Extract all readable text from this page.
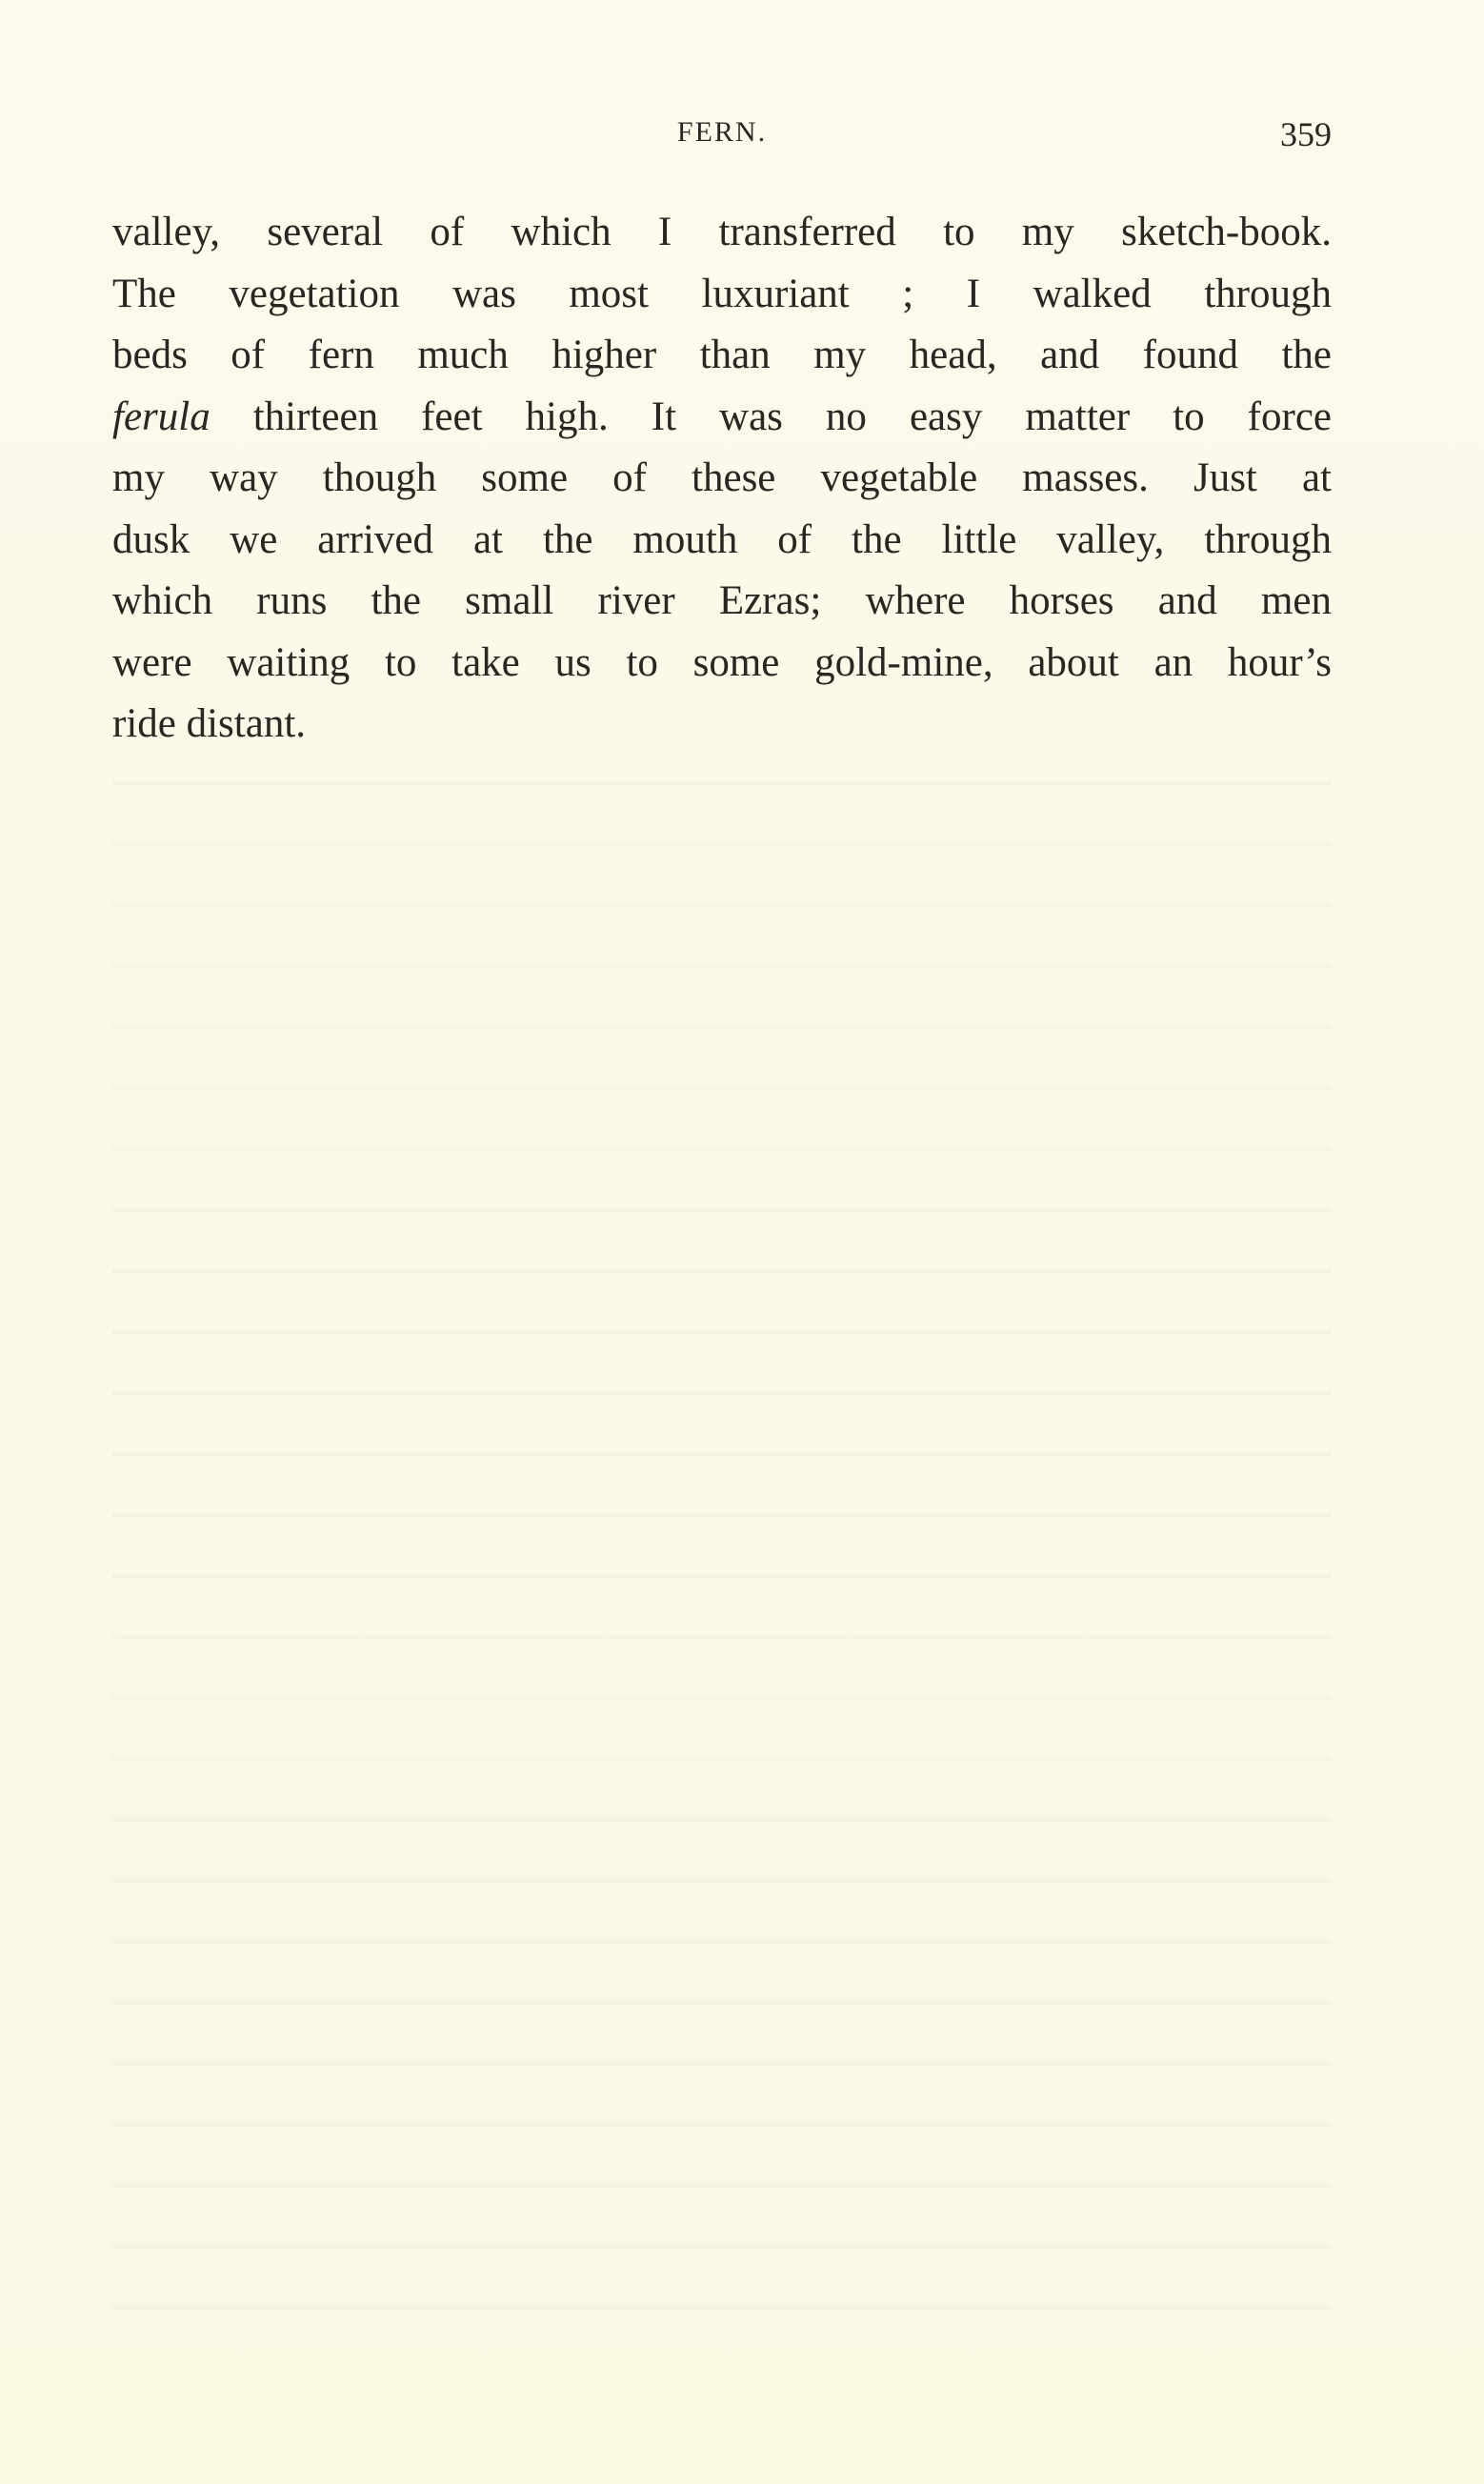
FERN.	359
valley, several of which I transferred to my sketch-book.
The vegetation was most luxuriant ; I walked through
beds of fern much higher than my head, and found the
ferula thirteen feet high. It was no easy matter to force
my way though some of these vegetable masses. Just at
dusk we arrived at the mouth of the little valley, through
which runs the small river Ezras; where horses and men
were waiting to take us to some gold-mine, about an hour’s
ride distant.
